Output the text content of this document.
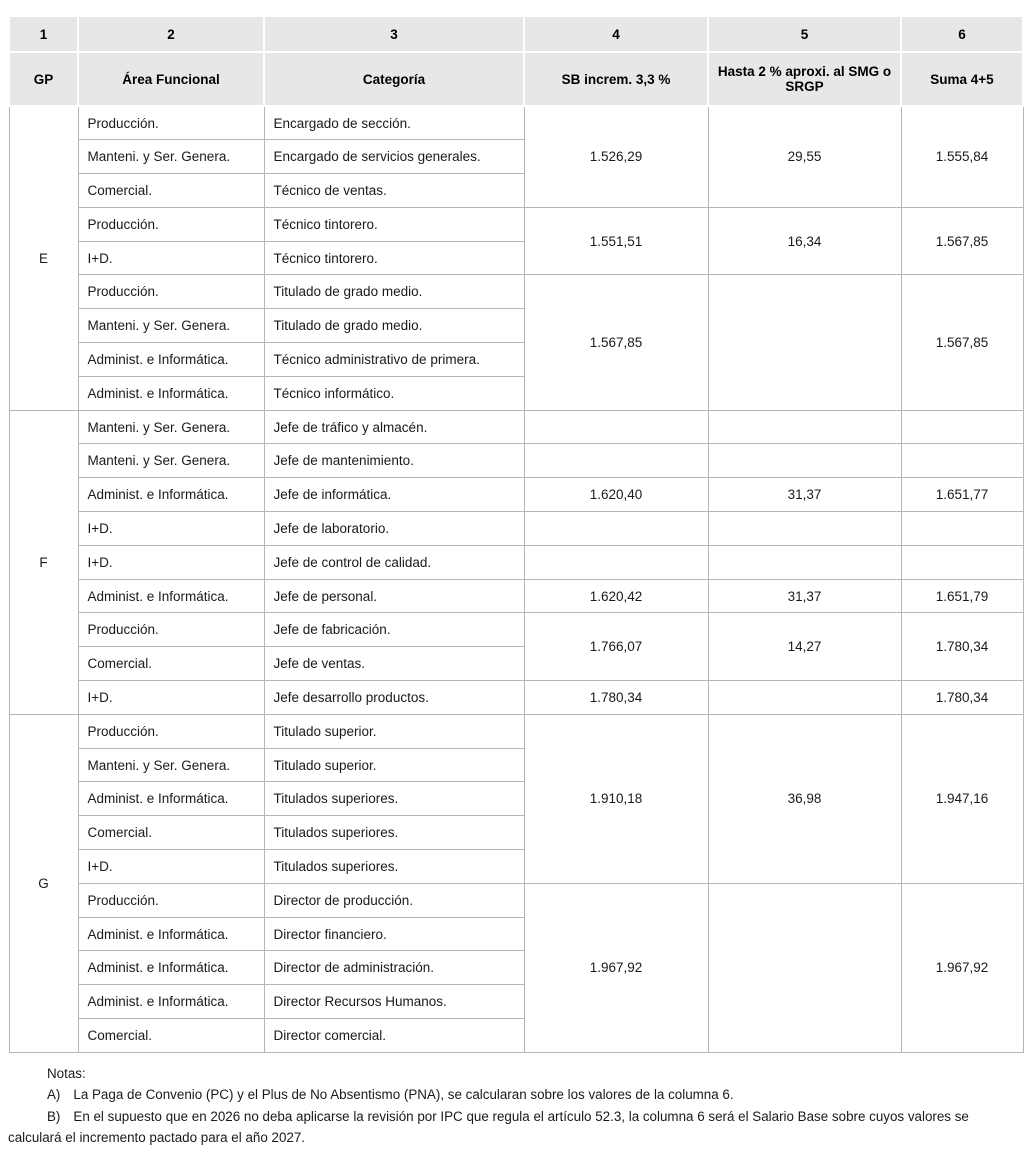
1	2	3	4	5	6
GP	Área Funcional	Categoría	SB increm. 3,3 %	Hasta 2 % aproxi. al SMG o SRGP	Suma 4+5
E	Producción.	Encargado de sección.	1.526,29	29,55	1.555,84
	Manteni. y Ser. Genera.	Encargado de servicios generales.			
	Comercial.	Técnico de ventas.			
	Producción.	Técnico tintorero.	1.551,51	16,34	1.567,85
	I+D.	Técnico tintorero.			
	Producción.	Titulado de grado medio.	1.567,85		1.567,85
	Manteni. y Ser. Genera.	Titulado de grado medio.			
	Administ. e Informática.	Técnico administrativo de primera.			
	Administ. e Informática.	Técnico informático.			
F	Manteni. y Ser. Genera.	Jefe de tráfico y almacén.			
	Manteni. y Ser. Genera.	Jefe de mantenimiento.			
	Administ. e Informática.	Jefe de informática.	1.620,40	31,37	1.651,77
	I+D.	Jefe de laboratorio.			
	I+D.	Jefe de control de calidad.			
	Administ. e Informática.	Jefe de personal.	1.620,42	31,37	1.651,79
	Producción.	Jefe de fabricación.	1.766,07	14,27	1.780,34
	Comercial.	Jefe de ventas.			
	I+D.	Jefe desarrollo productos.	1.780,34		1.780,34
G	Producción.	Titulado superior.	1.910,18	36,98	1.947,16
	Manteni. y Ser. Genera.	Titulado superior.			
	Administ. e Informática.	Titulados superiores.			
	Comercial.	Titulados superiores.			
	I+D.	Titulados superiores.			
	Producción.	Director de producción.	1.967,92		1.967,92
	Administ. e Informática.	Director financiero.			
	Administ. e Informática.	Director de administración.			
	Administ. e Informática.	Director Recursos Humanos.			
	Comercial.	Director comercial.			

Notas:

A) La Paga de Convenio (PC) y el Plus de No Absentismo (PNA), se calcularan sobre los valores de la columna 6.

B) En el supuesto que en 2026 no deba aplicarse la revisión por IPC que regula el artículo 52.3, la columna 6 será el Salario Base sobre cuyos valores se calculará el incremento pactado para el año 2027.
